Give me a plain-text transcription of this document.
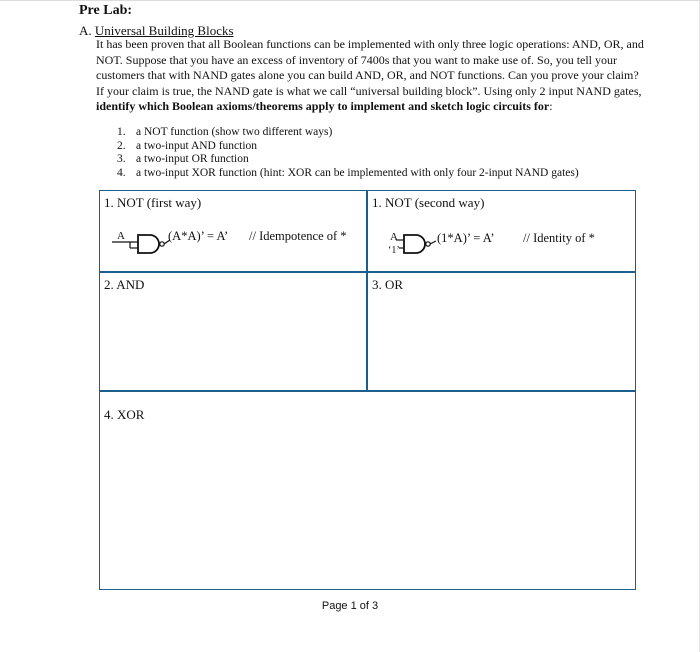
Pre Lab:
A. Universal Building Blocks
It has been proven that all Boolean functions can be implemented with only three logic operations: AND, OR, and NOT. Suppose that you have an excess of inventory of 7400s that you want to make use of. So, you tell your customers that with NAND gates alone you can build AND, OR, and NOT functions. Can you prove your claim? If your claim is true, the NAND gate is what we call “universal building block”. Using only 2 input NAND gates, identify which Boolean axioms/theorems apply to implement and sketch logic circuits for:
1. a NOT function (show two different ways)
2. a two-input AND function
3. a two-input OR function
4. a two-input XOR function (hint: XOR can be implemented with only four 2-input NAND gates)
1. NOT (first way)	1. NOT (second way)
2. AND	3. OR
4. XOR
A	(A*A)’ = A’ // Idempotence of *	A
‘1’
(1*A)’ = A’ // Identity of *
Page 1 of 3
